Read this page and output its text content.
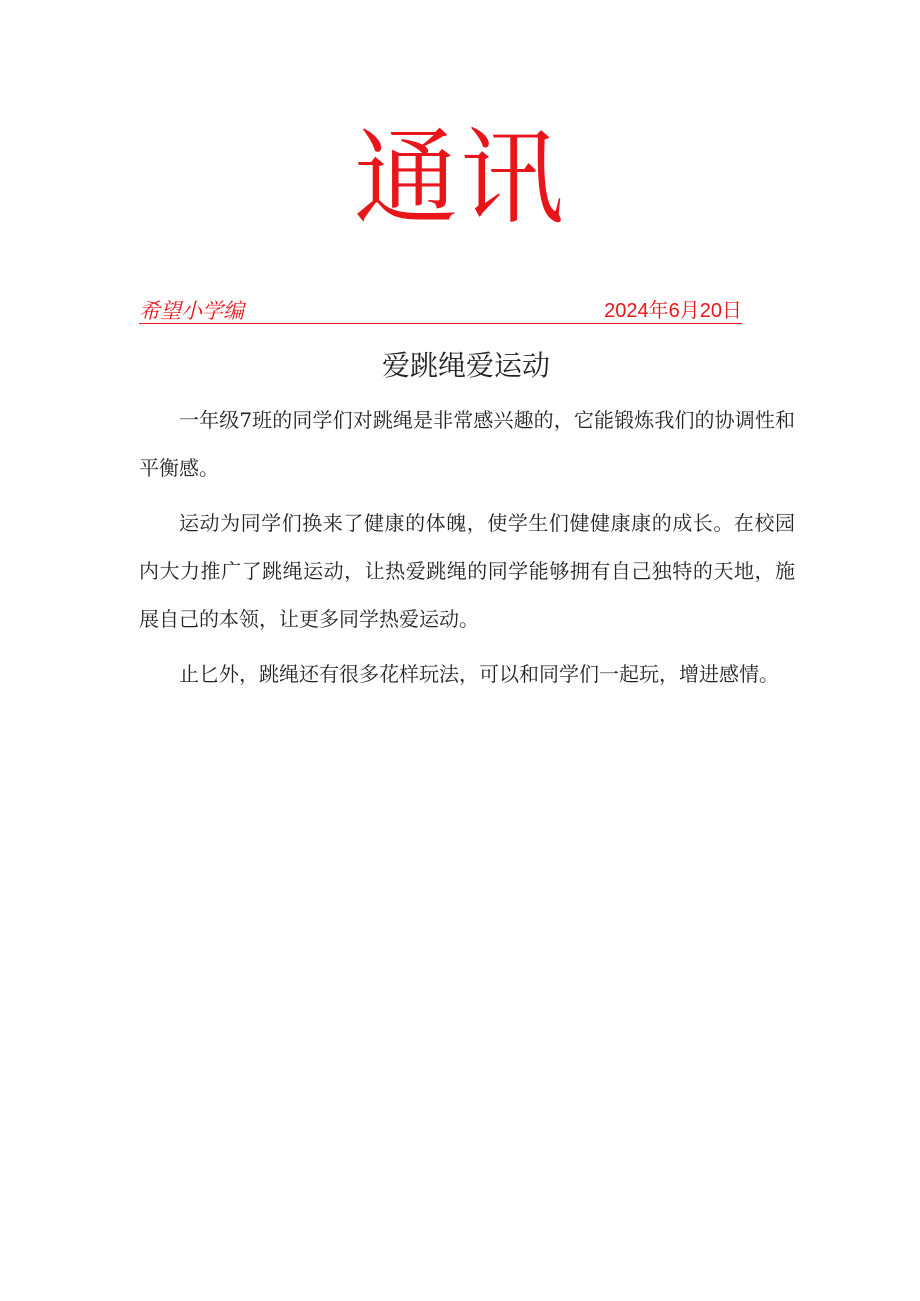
通讯
希望小学编	2024年6月20日
爱跳绳爱运动

一年级7班的同学们对跳绳是非常感兴趣的，它能锻炼我们的协调性和平衡感。

运动为同学们换来了健康的体魄，使学生们健健康康的成长。在校园内大力推广了跳绳运动，让热爱跳绳的同学能够拥有自己独特的天地，施展自己的本领，让更多同学热爱运动。

止匕外，跳绳还有很多花样玩法，可以和同学们一起玩，增进感情。
